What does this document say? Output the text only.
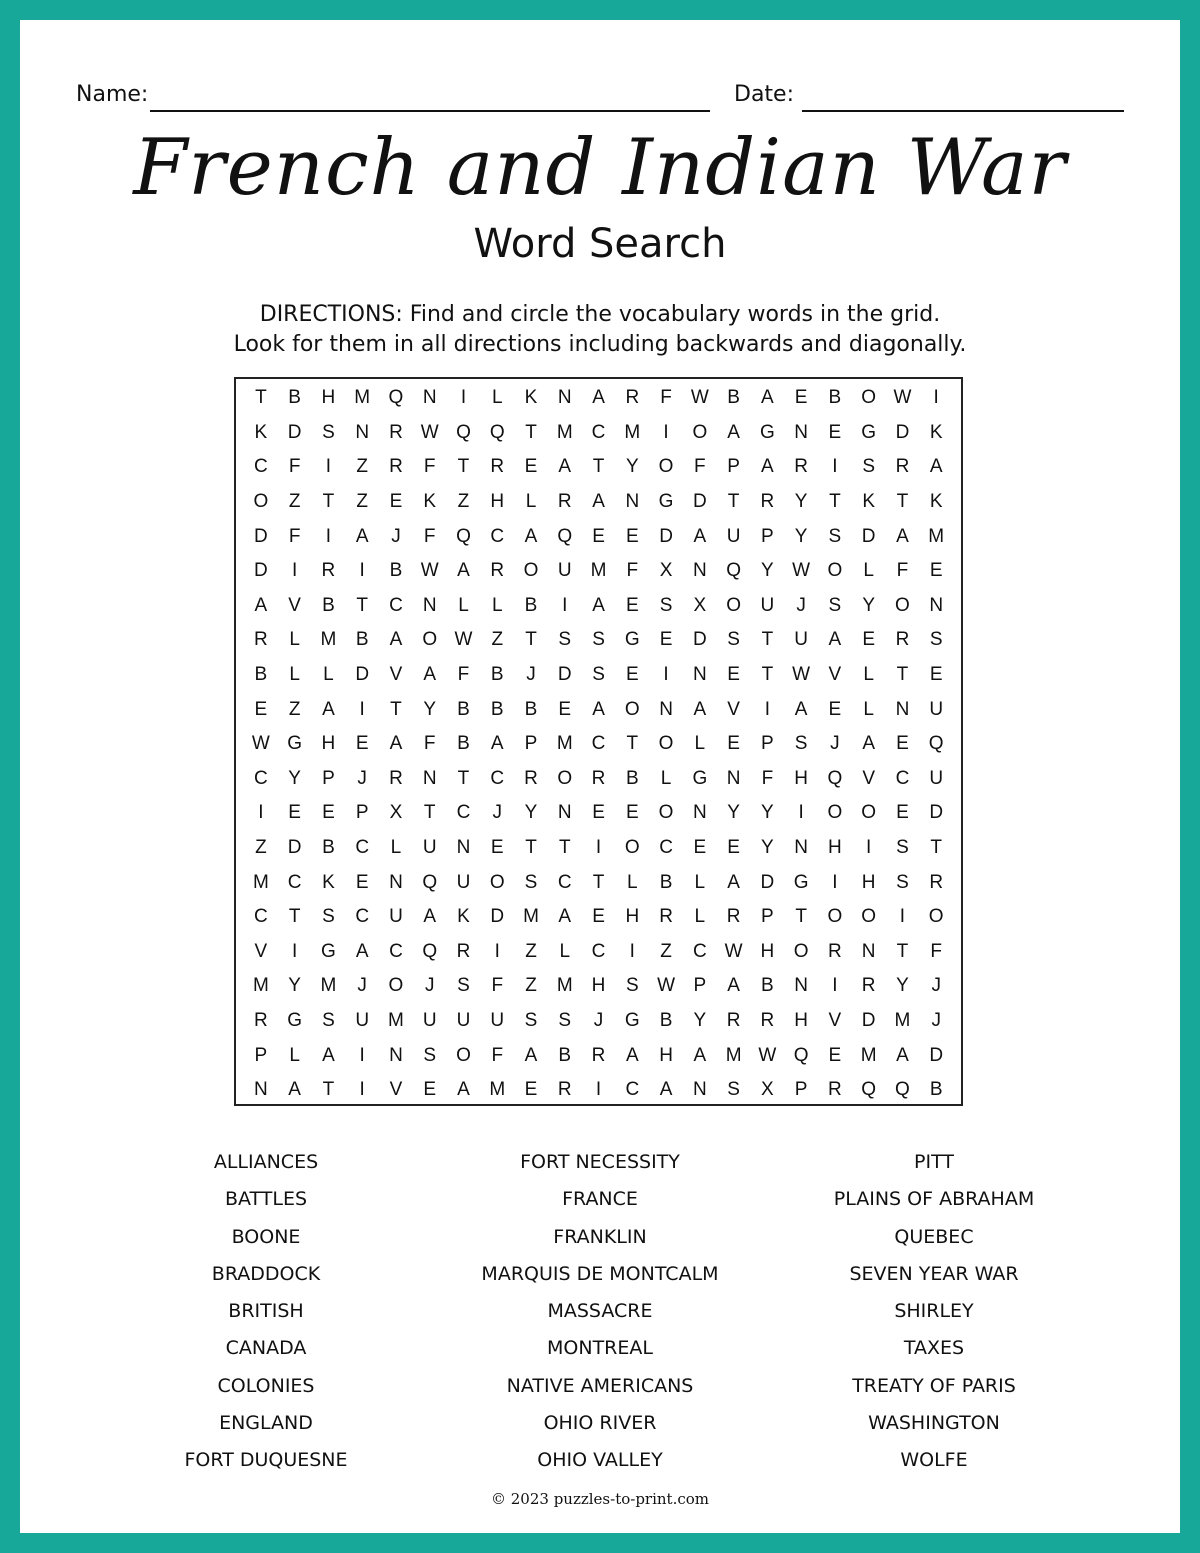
Name:	Date:
French and Indian War
Word Search
DIRECTIONS: Find and circle the vocabulary words in the grid.
Look for them in all directions including backwards and diagonally.
T	B	H M Q	N	I	L	K	N	A	R	F W B	A	E	B	O W	I
K	D	S	N	R W Q Q	T	M C M	I	O	A	G	N	E	G	D	K
C	F	I	Z	R	F	T	R	E	A	T	Y	O	F	P	A	R	I	S	R	A
O	Z	T	Z	E	K	Z	H	L	R	A	N	G	D	T	R	Y	T	K	T	K
D	F	I	A	J	F	Q	C	A	Q	E	E	D	A	U	P	Y	S	D	A	M
D	I	R	I	B W A	R	O	U M	F	X	N	Q	Y W O	L	F	E
A	V	B	T	C	N	L	L	B	I	A	E	S	X	O	U	J	S	Y	O	N
R	L	M	B	A	O W	Z	T	S	S	G	E	D	S	T	U	A	E	R	S
B	L	L	D	V	A	F	B	J	D	S	E	I	N	E	T W V	L	T	E
E	Z	A	I	T	Y	B	B	B	E	A	O	N	A	V	I	A	E	L	N	U
W G	H	E	A	F	B	A	P	M C	T	O	L	E	P	S	J	A	E	Q
C	Y	P	J	R	N	T	C	R	O	R	B	L	G	N	F	H	Q	V	C	U
I	E	E	P	X	T	C	J	Y	N	E	E	O	N	Y	Y	I	O O	E	D
Z	D	B	C	L	U	N	E	T	T	I	O	C	E	E	Y	N	H	I	S	T
M C	K	E	N	Q	U	O	S	C	T	L	B	L	A	D	G	I	H	S	R
C	T	S	C	U	A	K	D M	A	E	H	R	L	R	P	T	O O	I	O
V	I	G	A	C	Q	R	I	Z	L	C	I	Z	C W H	O	R	N	T	F
M	Y	M	J	O	J	S	F	Z	M H	S W P	A	B	N	I	R	Y	J
R	G	S	U M U	U	U	S	S	J	G	B	Y	R	R	H	V	D M	J
P	L	A	I	N	S	O	F	A	B	R	A	H	A	M W Q	E	M	A	D
N	A	T	I	V	E	A	M	E	R	I	C	A	N	S	X	P	R	Q Q	B
ALLIANCES
BATTLES
BOONE
BRADDOCK
BRITISH
CANADA
COLONIES
ENGLAND
FORT DUQUESNE
FORT NECESSITY
FRANCE
FRANKLIN
MARQUIS DE MONTCALM
MASSACRE
MONTREAL
NATIVE AMERICANS
OHIO RIVER
OHIO VALLEY
PITT
PLAINS OF ABRAHAM
QUEBEC
SEVEN YEAR WAR
SHIRLEY
TAXES
TREATY OF PARIS
WASHINGTON
WOLFE
© 2023 puzzles-to-print.com
